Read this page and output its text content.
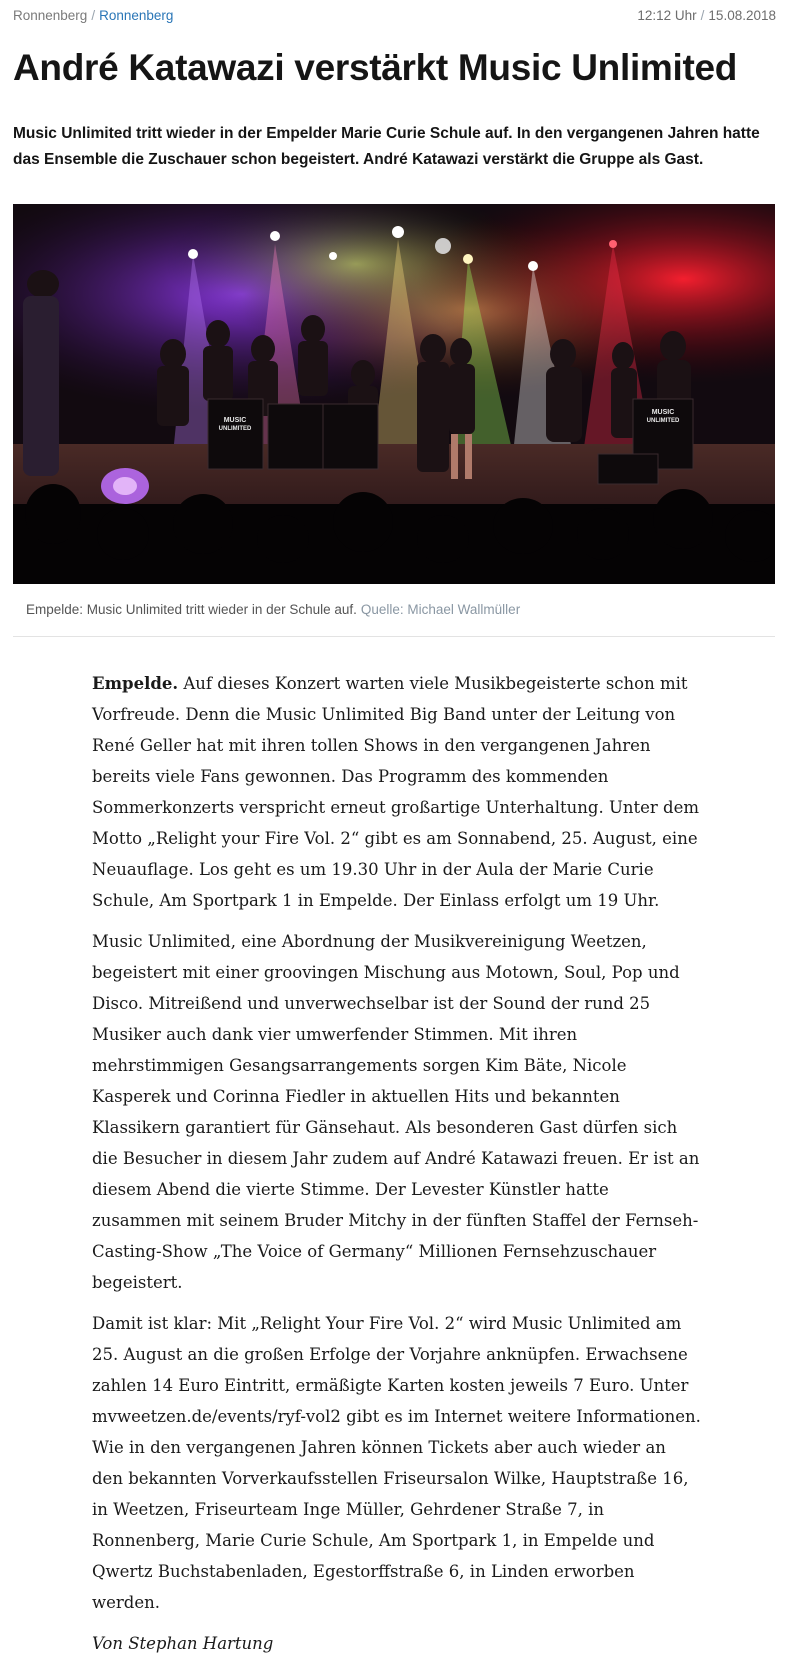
Ronnenberg / Ronnenberg	12:12 Uhr / 15.08.2018
André Katawazi verstärkt Music Unlimited

Music Unlimited tritt wieder in der Empelder Marie Curie Schule auf. In den vergangenen Jahren hatte das Ensemble die Zuschauer schon begeistert. André Katawazi verstärkt die Gruppe als Gast.

MUSIC
UNLIMITED
MUSIC
UNLIMITED
Empelde: Music Unlimited tritt wieder in der Schule auf. Quelle: Michael Wallmüller

Empelde. Auf dieses Konzert warten viele Musikbegeisterte schon mit Vorfreude. Denn die Music Unlimited Big Band unter der Leitung von René Geller hat mit ihren tollen Shows in den vergangenen Jahren bereits viele Fans gewonnen. Das Programm des kommenden Sommerkonzerts verspricht erneut großartige Unterhaltung. Unter dem Motto „Relight your Fire Vol. 2“ gibt es am Sonnabend, 25. August, eine Neuauflage. Los geht es um 19.30 Uhr in der Aula der Marie Curie Schule, Am Sportpark 1 in Empelde. Der Einlass erfolgt um 19 Uhr.

Music Unlimited, eine Abordnung der Musikvereinigung Weetzen, begeistert mit einer groovingen Mischung aus Motown, Soul, Pop und Disco. Mitreißend und unverwechselbar ist der Sound der rund 25 Musiker auch dank vier umwerfender Stimmen. Mit ihren mehrstimmigen Gesangsarrangements sorgen Kim Bäte, Nicole Kasperek und Corinna Fiedler in aktuellen Hits und bekannten Klassikern garantiert für Gänsehaut. Als besonderen Gast dürfen sich die Besucher in diesem Jahr zudem auf André Katawazi freuen. Er ist an diesem Abend die vierte Stimme. Der Levester Künstler hatte zusammen mit seinem Bruder Mitchy in der fünften Staffel der Fernseh-Casting-Show „The Voice of Germany“ Millionen Fernsehzuschauer begeistert.

Damit ist klar: Mit „Relight Your Fire Vol. 2“ wird Music Unlimited am 25. August an die großen Erfolge der Vorjahre anknüpfen. Erwachsene zahlen 14 Euro Eintritt, ermäßigte Karten kosten jeweils 7 Euro. Unter mvweetzen.de/events/ryf-vol2 gibt es im Internet weitere Informationen. Wie in den vergangenen Jahren können Tickets aber auch wieder an den bekannten Vorverkaufsstellen Friseursalon Wilke, Hauptstraße 16, in Weetzen, Friseurteam Inge Müller, Gehrdener Straße 7, in Ronnenberg, Marie Curie Schule, Am Sportpark 1, in Empelde und Qwertz Buchstabenladen, Egestorffstraße 6, in Linden erworben werden.

Von Stephan Hartung
